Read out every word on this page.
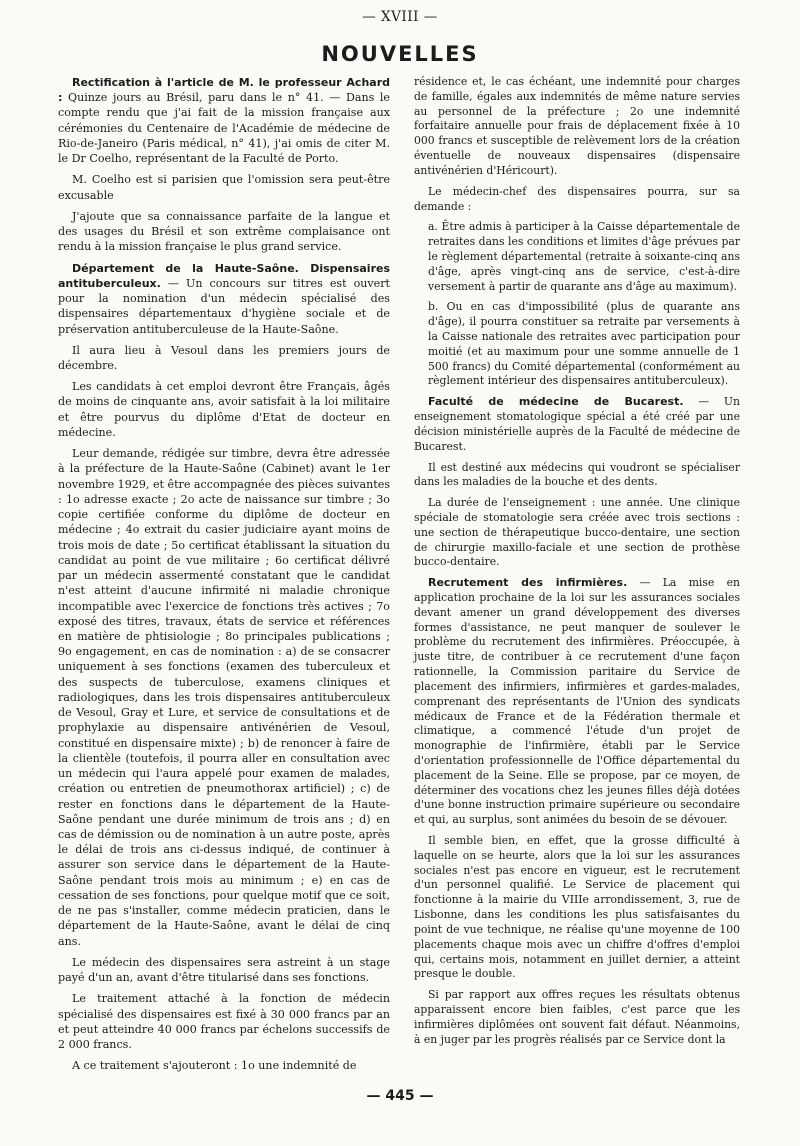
— XVIII —
NOUVELLES

Rectification à l'article de M. le professeur Achard : Quinze jours au Brésil, paru dans le n° 41. — Dans le compte rendu que j'ai fait de la mission française aux cérémonies du Centenaire de l'Académie de médecine de Rio-de-Janeiro (Paris médical, n° 41), j'ai omis de citer M. le Dr Coelho, représentant de la Faculté de Porto.

M. Coelho est si parisien que l'omission sera peut-être excusable

J'ajoute que sa connaissance parfaite de la langue et des usages du Brésil et son extrême complaisance ont rendu à la mission française le plus grand service.

Département de la Haute-Saône. Dispensaires antituberculeux. — Un concours sur titres est ouvert pour la nomination d'un médecin spécialisé des dispensaires départementaux d'hygiène sociale et de préservation antituberculeuse de la Haute-Saône.

Il aura lieu à Vesoul dans les premiers jours de décembre.

Les candidats à cet emploi devront être Français, âgés de moins de cinquante ans, avoir satisfait à la loi militaire et être pourvus du diplôme d'Etat de docteur en médecine.

Leur demande, rédigée sur timbre, devra être adressée à la préfecture de la Haute-Saône (Cabinet) avant le 1er novembre 1929, et être accompagnée des pièces suivantes : 1o adresse exacte ; 2o acte de naissance sur timbre ; 3o copie certifiée conforme du diplôme de docteur en médecine ; 4o extrait du casier judiciaire ayant moins de trois mois de date ; 5o certificat établissant la situation du candidat au point de vue militaire ; 6o certificat délivré par un médecin assermenté constatant que le candidat n'est atteint d'aucune infirmité ni maladie chronique incompatible avec l'exercice de fonctions très actives ; 7o exposé des titres, travaux, états de service et références en matière de phtisiologie ; 8o principales publications ; 9o engagement, en cas de nomination : a) de se consacrer uniquement à ses fonctions (examen des tuberculeux et des suspects de tuberculose, examens cliniques et radiologiques, dans les trois dispensaires antituberculeux de Vesoul, Gray et Lure, et service de consultations et de prophylaxie au dispensaire antivénérien de Vesoul, constitué en dispensaire mixte) ; b) de renoncer à faire de la clientèle (toutefois, il pourra aller en consultation avec un médecin qui l'aura appelé pour examen de malades, création ou entretien de pneumothorax artificiel) ; c) de rester en fonctions dans le département de la Haute-Saône pendant une durée minimum de trois ans ; d) en cas de démission ou de nomination à un autre poste, après le délai de trois ans ci-dessus indiqué, de continuer à assurer son service dans le département de la Haute-Saône pendant trois mois au minimum ; e) en cas de cessation de ses fonctions, pour quelque motif que ce soit, de ne pas s'installer, comme médecin praticien, dans le département de la Haute-Saône, avant le délai de cinq ans.

Le médecin des dispensaires sera astreint à un stage payé d'un an, avant d'être titularisé dans ses fonctions.

Le traitement attaché à la fonction de médecin spécialisé des dispensaires est fixé à 30 000 francs par an et peut atteindre 40 000 francs par échelons successifs de 2 000 francs.

A ce traitement s'ajouteront : 1o une indemnité de

résidence et, le cas échéant, une indemnité pour charges de famille, égales aux indemnités de même nature servies au personnel de la préfecture ; 2o une indemnité forfaitaire annuelle pour frais de déplacement fixée à 10 000 francs et susceptible de relèvement lors de la création éventuelle de nouveaux dispensaires (dispensaire antivénérien d'Héricourt).

Le médecin-chef des dispensaires pourra, sur sa demande :

a. Être admis à participer à la Caisse départementale de retraites dans les conditions et limites d'âge prévues par le règlement départemental (retraite à soixante-cinq ans d'âge, après vingt-cinq ans de service, c'est-à-dire versement à partir de quarante ans d'âge au maximum).

b. Ou en cas d'impossibilité (plus de quarante ans d'âge), il pourra constituer sa retraite par versements à la Caisse nationale des retraites avec participation pour moitié (et au maximum pour une somme annuelle de 1 500 francs) du Comité départemental (conformément au règlement intérieur des dispensaires antituberculeux).

Faculté de médecine de Bucarest. — Un enseignement stomatologique spécial a été créé par une décision ministérielle auprès de la Faculté de médecine de Bucarest.

Il est destiné aux médecins qui voudront se spécialiser dans les maladies de la bouche et des dents.

La durée de l'enseignement : une année. Une clinique spéciale de stomatologie sera créée avec trois sections : une section de thérapeutique bucco-dentaire, une section de chirurgie maxillo-faciale et une section de prothèse bucco-dentaire.

Recrutement des infirmières. — La mise en application prochaine de la loi sur les assurances sociales devant amener un grand développement des diverses formes d'assistance, ne peut manquer de soulever le problème du recrutement des infirmières. Préoccupée, à juste titre, de contribuer à ce recrutement d'une façon rationnelle, la Commission paritaire du Service de placement des infirmiers, infirmières et gardes-malades, comprenant des représentants de l'Union des syndicats médicaux de France et de la Fédération thermale et climatique, a commencé l'étude d'un projet de monographie de l'infirmière, établi par le Service d'orientation professionnelle de l'Office départemental du placement de la Seine. Elle se propose, par ce moyen, de déterminer des vocations chez les jeunes filles déjà dotées d'une bonne instruction primaire supérieure ou secondaire et qui, au surplus, sont animées du besoin de se dévouer.

Il semble bien, en effet, que la grosse difficulté à laquelle on se heurte, alors que la loi sur les assurances sociales n'est pas encore en vigueur, est le recrutement d'un personnel qualifié. Le Service de placement qui fonctionne à la mairie du VIIIe arrondissement, 3, rue de Lisbonne, dans les conditions les plus satisfaisantes du point de vue technique, ne réalise qu'une moyenne de 100 placements chaque mois avec un chiffre d'offres d'emploi qui, certains mois, notamment en juillet dernier, a atteint presque le double.

Si par rapport aux offres reçues les résultats obtenus apparaissent encore bien faibles, c'est parce que les infirmières diplômées ont souvent fait défaut. Néanmoins, à en juger par les progrès réalisés par ce Service dont la

— 445 —
